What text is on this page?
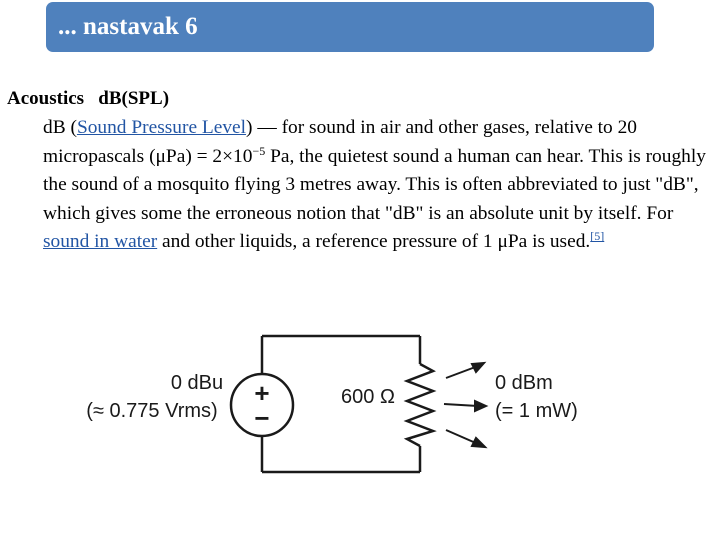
... nastavak 6
Acoustics   dB(SPL)
dB (Sound Pressure Level) — for sound in air and other gases, relative to 20 micropascals $(\mu Pa) = 2\times 10^{-5}$ Pa, the quietest sound a human can hear. This is roughly the sound of a mosquito flying 3 metres away. This is often abbreviated to just "dB", which gives some the erroneous notion that "dB" is an absolute unit by itself. For sound in water and other liquids, a reference pressure of 1 μPa is used.[5]
+
−
0 dBu
(≈ 0.775 Vrms)
600 Ω
0 dBm
(= 1 mW)
